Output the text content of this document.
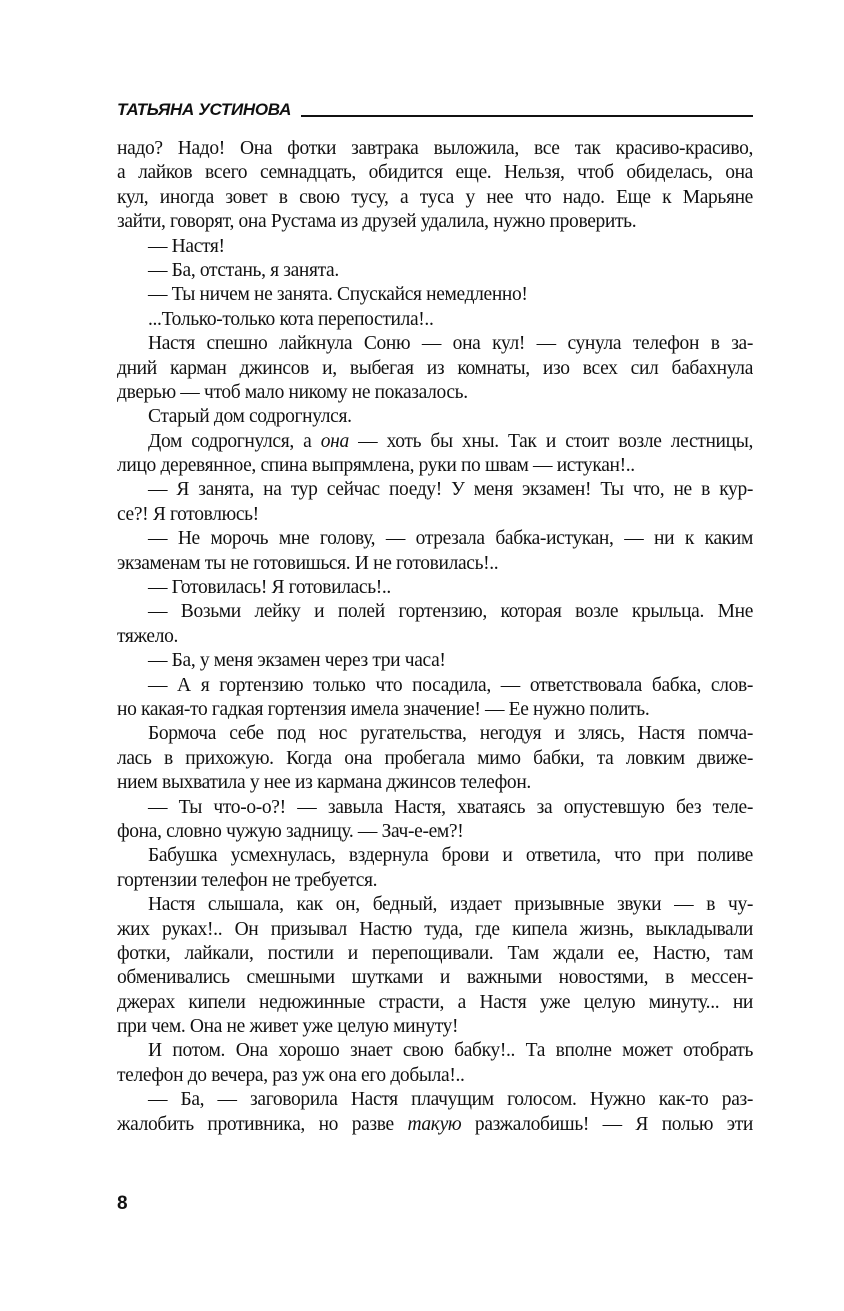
ТАТЬЯНА УСТИНОВА
надо? Надо! Она фотки завтрака выложила, все так красиво-красиво,
а лайков всего семнадцать, обидится еще. Нельзя, чтоб обиделась, она
кул, иногда зовет в свою тусу, а туса у нее что надо. Еще к Марьяне
зайти, говорят, она Рустама из друзей удалила, нужно проверить.
— Настя!
— Ба, отстань, я занята.
— Ты ничем не занята. Спускайся немедленно!
...Только-только кота перепостила!..
Настя спешно лайкнула Соню — она кул! — сунула телефон в за-
дний карман джинсов и, выбегая из комнаты, изо всех сил бабахнула
дверью — чтоб мало никому не показалось.
Старый дом содрогнулся.
Дом содрогнулся, а она — хоть бы хны. Так и стоит возле лестницы,
лицо деревянное, спина выпрямлена, руки по швам — истукан!..
— Я занята, на тур сейчас поеду! У меня экзамен! Ты что, не в кур-
се?! Я готовлюсь!
— Не морочь мне голову, — отрезала бабка-истукан, — ни к каким
экзаменам ты не готовишься. И не готовилась!..
— Готовилась! Я готовилась!..
— Возьми лейку и полей гортензию, которая возле крыльца. Мне
тяжело.
— Ба, у меня экзамен через три часа!
— А я гортензию только что посадила, — ответствовала бабка, слов-
но какая-то гадкая гортензия имела значение! — Ее нужно полить.
Бормоча себе под нос ругательства, негодуя и злясь, Настя помча-
лась в прихожую. Когда она пробегала мимо бабки, та ловким движе-
нием выхватила у нее из кармана джинсов телефон.
— Ты что-о-о?! — завыла Настя, хватаясь за опустевшую без теле-
фона, словно чужую задницу. — Зач-е-ем?!
Бабушка усмехнулась, вздернула брови и ответила, что при поливе
гортензии телефон не требуется.
Настя слышала, как он, бедный, издает призывные звуки — в чу-
жих руках!.. Он призывал Настю туда, где кипела жизнь, выкладывали
фотки, лайкали, постили и перепощивали. Там ждали ее, Настю, там
обменивались смешными шутками и важными новостями, в мессен-
джерах кипели недюжинные страсти, а Настя уже целую минуту... ни
при чем. Она не живет уже целую минуту!
И потом. Она хорошо знает свою бабку!.. Та вполне может отобрать
телефон до вечера, раз уж она его добыла!..
— Ба, — заговорила Настя плачущим голосом. Нужно как-то раз-
жалобить противника, но разве такую разжалобишь! — Я полью эти
8
